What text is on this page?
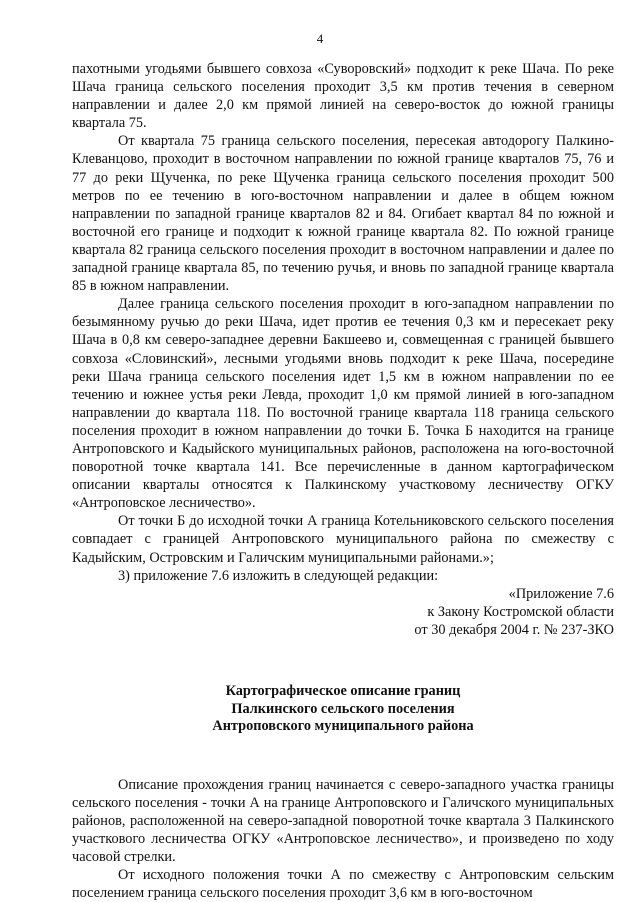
4

пахотными угодьями бывшего совхоза «Суворовский» подходит к реке Шача. По реке Шача граница сельского поселения проходит 3,5 км против течения в северном направлении и далее 2,0 км прямой линией на северо-восток до южной границы квартала 75.

От квартала 75 граница сельского поселения, пересекая автодорогу Палкино-Клеванцово, проходит в восточном направлении по южной границе кварталов 75, 76 и 77 до реки Щученка, по реке Щученка граница сельского поселения проходит 500 метров по ее течению в юго-восточном направлении и далее в общем южном направлении по западной границе кварталов 82 и 84. Огибает квартал 84 по южной и восточной его границе и подходит к южной границе квартала 82. По южной границе квартала 82 граница сельского поселения проходит в восточном направлении и далее по западной границе квартала 85, по течению ручья, и вновь по западной границе квартала 85 в южном направлении.

Далее граница сельского поселения проходит в юго-западном направлении по безымянному ручью до реки Шача, идет против ее течения 0,3 км и пересекает реку Шача в 0,8 км северо-западнее деревни Бакшеево и, совмещенная с границей бывшего совхоза «Словинский», лесными угодьями вновь подходит к реке Шача, посередине реки Шача граница сельского поселения идет 1,5 км в южном направлении по ее течению и южнее устья реки Левда, проходит 1,0 км прямой линией в юго-западном направлении до квартала 118. По восточной границе квартала 118 граница сельского поселения проходит в южном направлении до точки Б. Точка Б находится на границе Антроповского и Кадыйского муниципальных районов, расположена на юго-восточной поворотной точке квартала 141. Все перечисленные в данном картографическом описании кварталы относятся к Палкинскому участковому лесничеству ОГКУ «Антроповское лесничество».

От точки Б до исходной точки А граница Котельниковского сельского поселения совпадает с границей Антроповского муниципального района по смежеству с Кадыйским, Островским и Галичским муниципальными районами.»;

3) приложение 7.6 изложить в следующей редакции:

«Приложение 7.6
к Закону Костромской области
от 30 декабря 2004 г. № 237-ЗКО
Картографическое описание границ
Палкинского сельского поселения
Антроповского муниципального района

Описание прохождения границ начинается с северо-западного участка границы сельского поселения - точки А на границе Антроповского и Галичского муниципальных районов, расположенной на северо-западной поворотной точке квартала 3 Палкинского участкового лесничества ОГКУ «Антроповское лесничество», и произведено по ходу часовой стрелки.

От исходного положения точки А по смежеству с Антроповским сельским поселением граница сельского поселения проходит 3,6 км в юго-восточном
